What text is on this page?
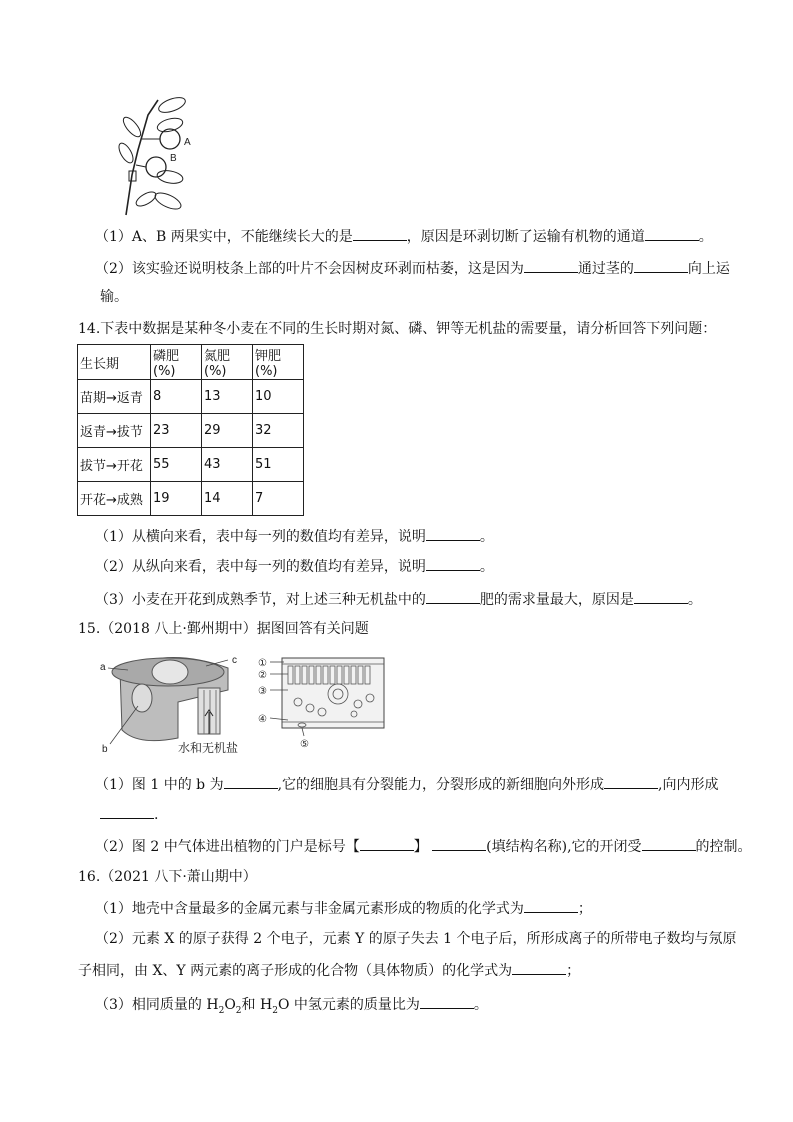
A
B
（1）A、B 两果实中，不能继续长大的是	，原因是环剥切断了运输有机物的通道	。
（2）该实验还说明枝条上部的叶片不会因树皮环剥而枯萎，这是因为	通过茎的	向上运
输。
14.下表中数据是某种冬小麦在不同的生长时期对氮、磷、钾等无机盐的需要量，请分析回答下列问题：
生长期	磷肥(%)	氮肥(%)	钾肥(%)
苗期→返青	8	13	10
返青→拔节	23	29	32
拔节→开花	55	43	51
开花→成熟	19	14	7
（1）从横向来看，表中每一列的数值均有差异，说明	。
（2）从纵向来看，表中每一列的数值均有差异，说明	。
（3）小麦在开花到成熟季节，对上述三种无机盐中的	肥的需求量最大，原因是	。
15.（2018 八上·鄞州期中）据图回答有关问题
a
c
b	水和无机盐
①
②
③
④
⑤
（1）图 1 中的 b 为	,它的细胞具有分裂能力，分裂形成的新细胞向外形成	,向内形成
.
（2）图 2 中气体进出植物的门户是标号【	】	(填结构名称),它的开闭受	的控制。
16.（2021 八下·萧山期中）
（1）地壳中含量最多的金属元素与非金属元素形成的物质的化学式为	；
（2）元素 X 的原子获得 2 个电子，元素 Y 的原子失去 1 个电子后，所形成离子的所带电子数均与氖原
子相同，由 X、Y 两元素的离子形成的化合物（具体物质）的化学式为	；
（3）相同质量的 $H_2O_2$和 $H_2O$ 中氢元素的质量比为	。
